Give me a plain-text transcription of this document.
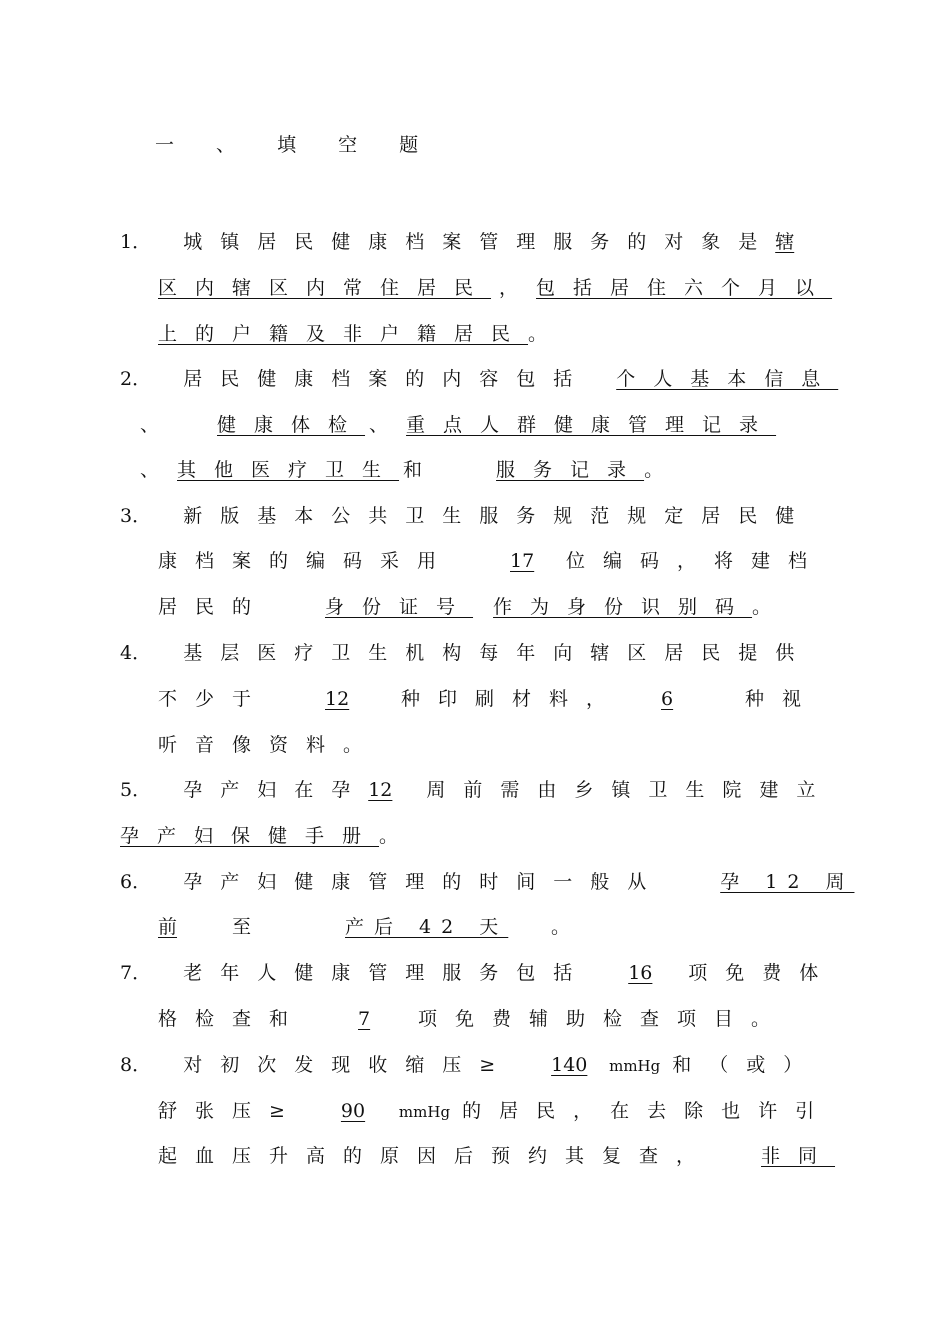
一 、 填 空 题
1． 城镇居民健康档案管理服务的对象是辖
区内辖区内常住居民 ，包括居住六个月以
上的户籍及非户籍居民。
2． 居民健康档案的内容包括 个人基本信息
、 健康体检 、重点人群健康管理记录
、其他医疗卫生 和	服务记录。
3． 新版基本公共卫生服务规范规定居民健
康档案的编码采用	17 位编码，将建档
居民的	身份证号 作为身份识别码。
4． 基层医疗卫生机构每年向辖区居民提供
不少于	12	种印刷材料， 6	种视
听音像资料。
5． 孕产妇在孕12 周前需由乡镇卫生院建立
孕产妇保健手册。
6． 孕产妇健康管理的时间一般从	孕 12 周
前	至	产后 42 天 。
7． 老年人健康管理服务包括 16 项免费体
格检查和	7	项免费辅助检查项目。
8． 对初次发现收缩压≥ 140 mmHg 和（或）
舒张压≥ 90 mmHg 的居民，在去除也许引
起血压升高的原因后预约其复查，	非同
